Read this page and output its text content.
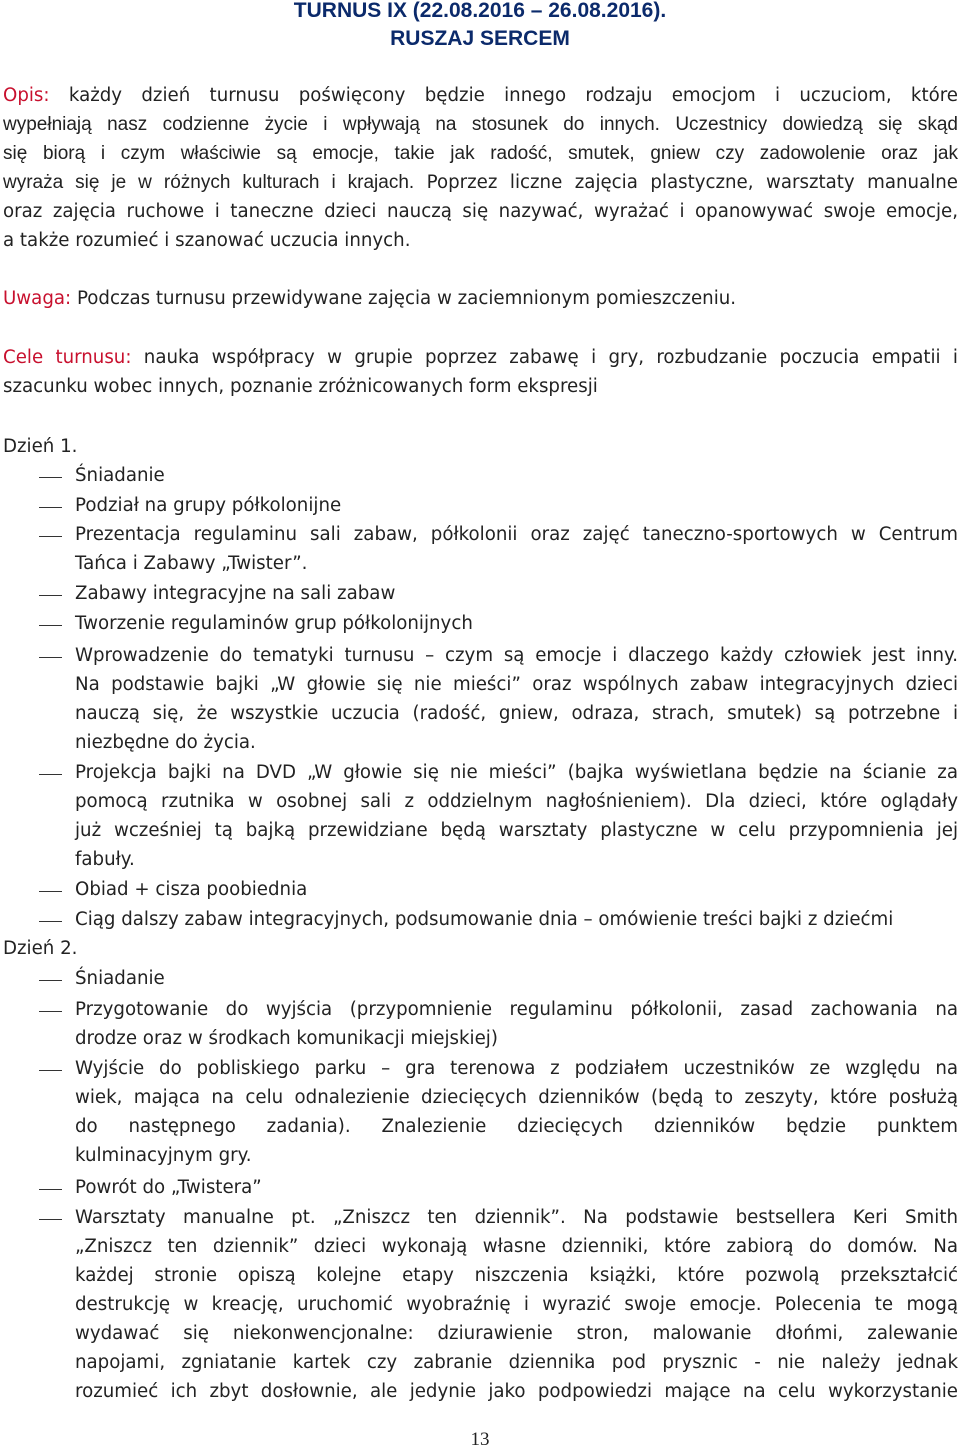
TURNUS IX (22.08.2016 – 26.08.2016).
RUSZAJ SERCEM
Opis: każdy dzień turnusu poświęcony będzie innego rodzaju emocjom i uczuciom, które
wypełniają nasz codzienne życie i wpływają na stosunek do innych. Uczestnicy dowiedzą się skąd
się biorą i czym właściwie są emocje, takie jak radość, smutek, gniew czy zadowolenie oraz jak
wyraża się je w różnych kulturach i krajach. Poprzez liczne zajęcia plastyczne, warsztaty manualne
oraz zajęcia ruchowe i taneczne dzieci nauczą się nazywać, wyrażać i opanowywać swoje emocje,
a także rozumieć i szanować uczucia innych.
Uwaga: Podczas turnusu przewidywane zajęcia w zaciemnionym pomieszczeniu.
Cele turnusu: nauka współpracy w grupie poprzez zabawę i gry, rozbudzanie poczucia empatii i
szacunku wobec innych, poznanie zróżnicowanych form ekspresji
Dzień 1.
Śniadanie
Podział na grupy półkolonijne
Prezentacja regulaminu sali zabaw, półkolonii oraz zajęć taneczno-sportowych w Centrum
Tańca i Zabawy „Twister”.
Zabawy integracyjne na sali zabaw
Tworzenie regulaminów grup półkolonijnych
Wprowadzenie do tematyki turnusu – czym są emocje i dlaczego każdy człowiek jest inny.
Na podstawie bajki „W głowie się nie mieści” oraz wspólnych zabaw integracyjnych dzieci
nauczą się, że wszystkie uczucia (radość, gniew, odraza, strach, smutek) są potrzebne i
niezbędne do życia.
Projekcja bajki na DVD „W głowie się nie mieści” (bajka wyświetlana będzie na ścianie za
pomocą rzutnika w osobnej sali z oddzielnym nagłośnieniem). Dla dzieci, które oglądały
już wcześniej tą bajką przewidziane będą warsztaty plastyczne w celu przypomnienia jej
fabuły.
Obiad + cisza poobiednia
Ciąg dalszy zabaw integracyjnych, podsumowanie dnia – omówienie treści bajki z dziećmi
Dzień 2.
Śniadanie
Przygotowanie do wyjścia (przypomnienie regulaminu półkolonii, zasad zachowania na
drodze oraz w środkach komunikacji miejskiej)
Wyjście do pobliskiego parku – gra terenowa z podziałem uczestników ze względu na
wiek, mająca na celu odnalezienie dziecięcych dzienników (będą to zeszyty, które posłużą
do następnego zadania). Znalezienie dziecięcych dzienników będzie punktem
kulminacyjnym gry.
Powrót do „Twistera”
Warsztaty manualne pt. „Zniszcz ten dziennik”. Na podstawie bestsellera Keri Smith
„Zniszcz ten dziennik” dzieci wykonają własne dzienniki, które zabiorą do domów. Na
każdej stronie opiszą kolejne etapy niszczenia książki, które pozwolą przekształcić
destrukcję w kreację, uruchomić wyobraźnię i wyrazić swoje emocje. Polecenia te mogą
wydawać się niekonwencjonalne: dziurawienie stron, malowanie dłońmi, zalewanie
napojami, zgniatanie kartek czy zabranie dziennika pod prysznic - nie należy jednak
rozumieć ich zbyt dosłownie, ale jedynie jako podpowiedzi mające na celu wykorzystanie
13
